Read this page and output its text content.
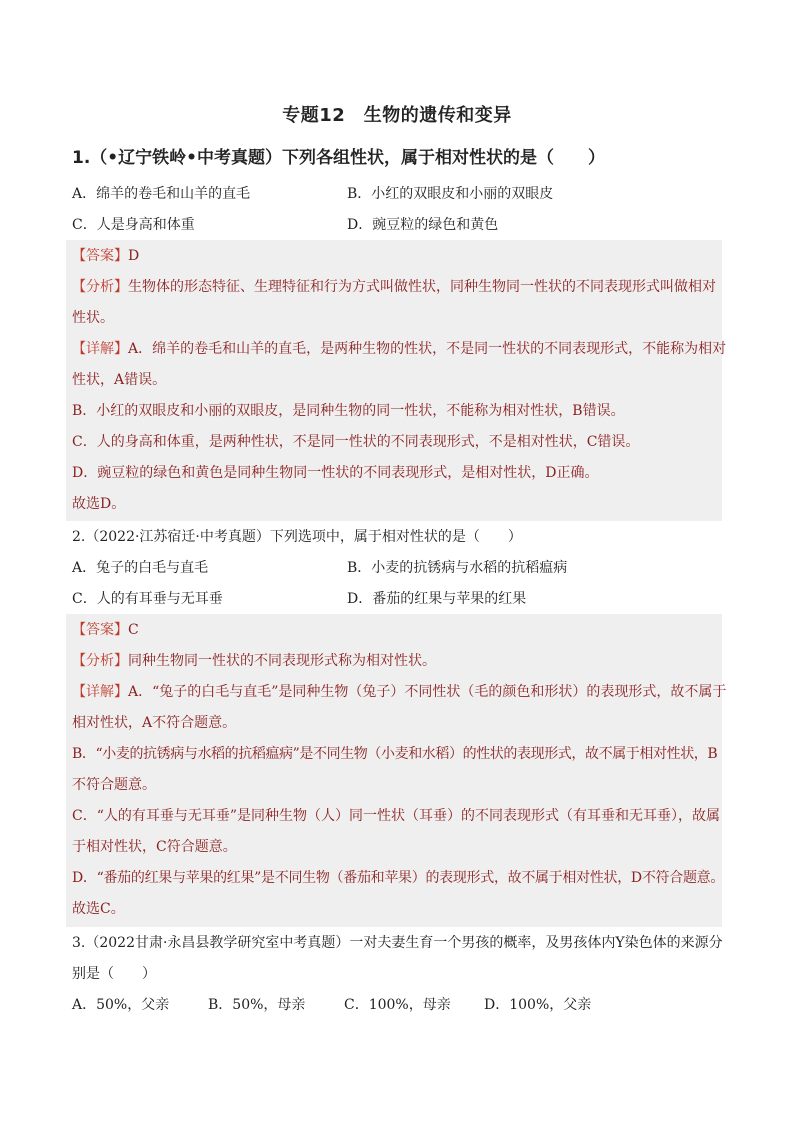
专题12　生物的遗传和变异
1.（•辽宁铁岭•中考真题）下列各组性状，属于相对性状的是（　　）
A．绵羊的卷毛和山羊的直毛	B．小红的双眼皮和小丽的双眼皮
C．人是身高和体重	D．豌豆粒的绿色和黄色
【答案】D
【分析】生物体的形态特征、生理特征和行为方式叫做性状，同种生物同一性状的不同表现形式叫做相对
性状。
【详解】A．绵羊的卷毛和山羊的直毛，是两种生物的性状，不是同一性状的不同表现形式，不能称为相对
性状，A错误。
B．小红的双眼皮和小丽的双眼皮，是同种生物的同一性状，不能称为相对性状，B错误。
C．人的身高和体重，是两种性状，不是同一性状的不同表现形式，不是相对性状，C错误。
D．豌豆粒的绿色和黄色是同种生物同一性状的不同表现形式，是相对性状，D正确。
故选D。
2.（2022·江苏宿迁·中考真题）下列选项中，属于相对性状的是（　　）
A．兔子的白毛与直毛	B．小麦的抗锈病与水稻的抗稻瘟病
C．人的有耳垂与无耳垂	D．番茄的红果与苹果的红果
【答案】C
【分析】同种生物同一性状的不同表现形式称为相对性状。
【详解】A．“兔子的白毛与直毛”是同种生物（兔子）不同性状（毛的颜色和形状）的表现形式，故不属于
相对性状，A不符合题意。
B．“小麦的抗锈病与水稻的抗稻瘟病”是不同生物（小麦和水稻）的性状的表现形式，故不属于相对性状，B
不符合题意。
C．“人的有耳垂与无耳垂”是同种生物（人）同一性状（耳垂）的不同表现形式（有耳垂和无耳垂），故属
于相对性状，C符合题意。
D．“番茄的红果与苹果的红果”是不同生物（番茄和苹果）的表现形式，故不属于相对性状，D不符合题意。
故选C。
3.（2022甘肃·永昌县教学研究室中考真题）一对夫妻生育一个男孩的概率，及男孩体内Y染色体的来源分
别是（　　）
A．50%，父亲	B．50%，母亲	C．100%，母亲 D．100%，父亲
